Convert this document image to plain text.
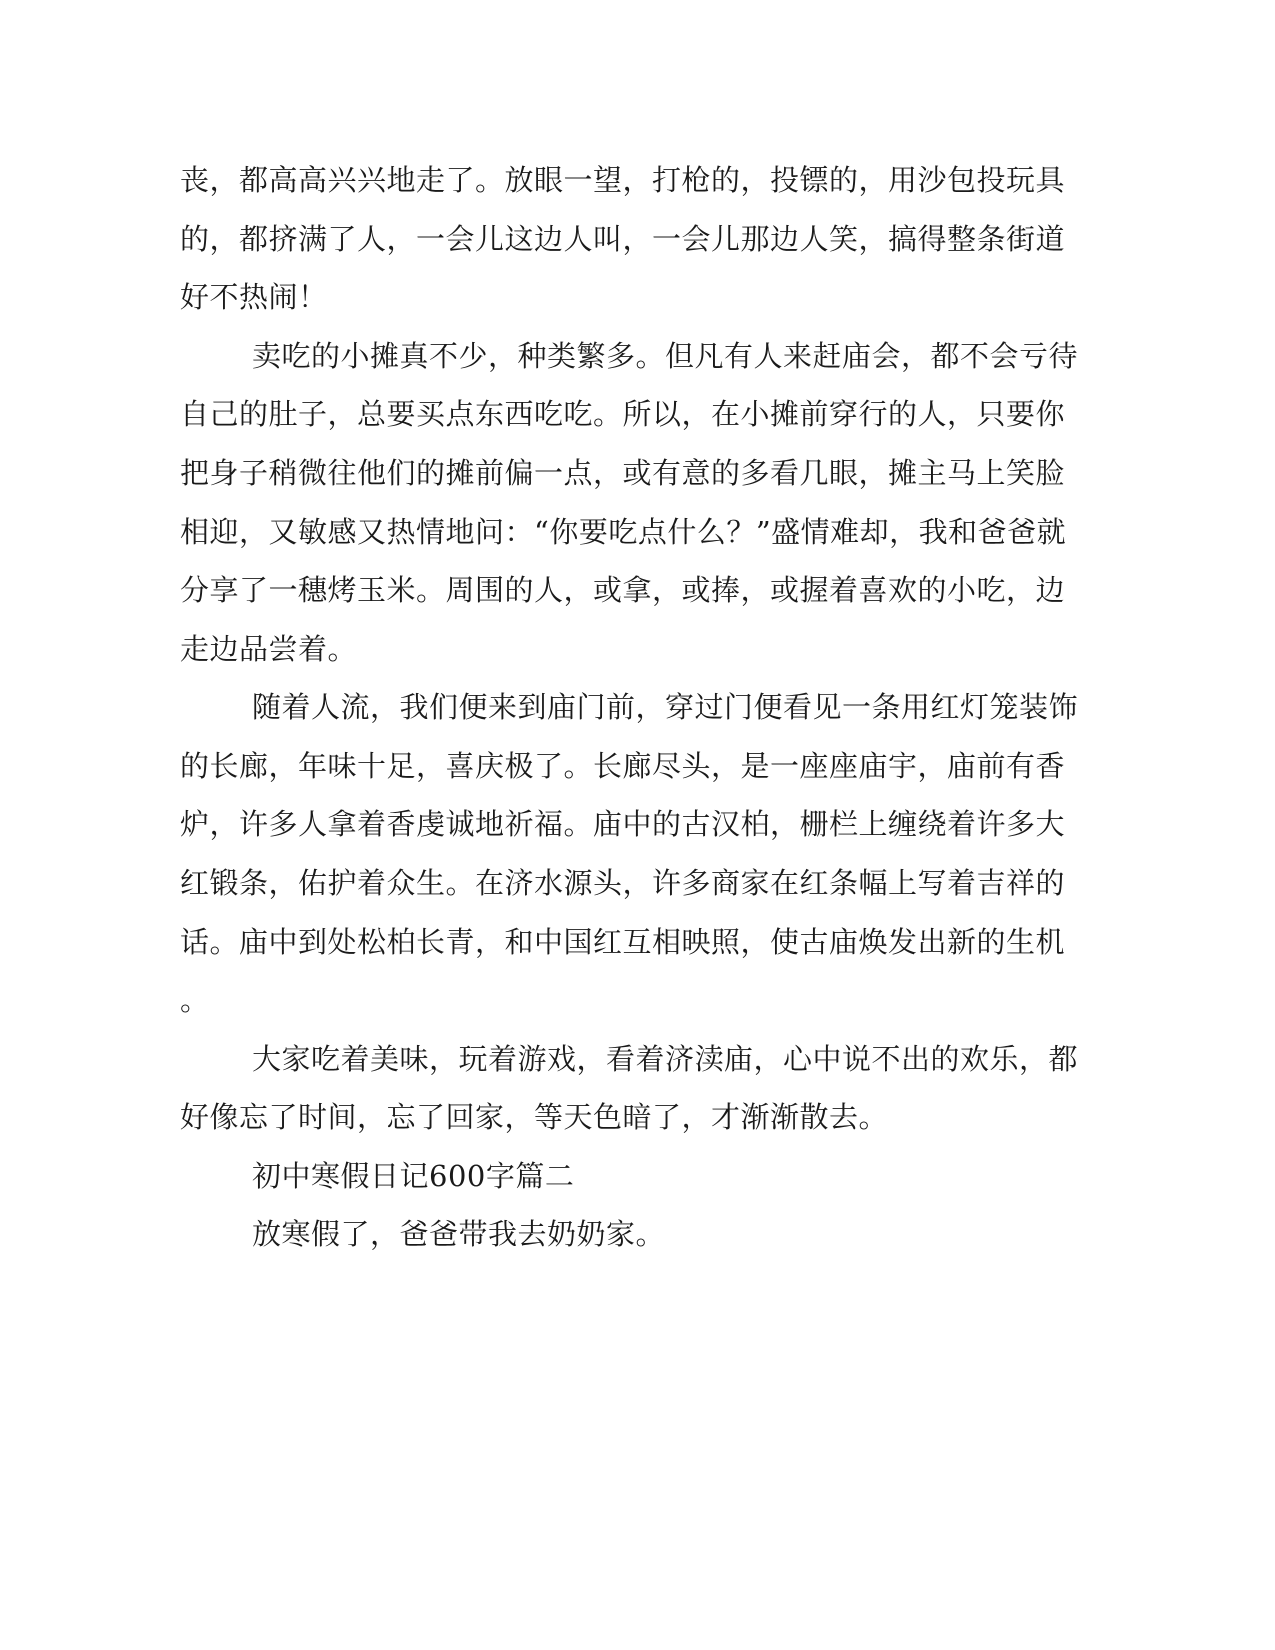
丧，都高高兴兴地走了。放眼一望，打枪的，投镖的，用沙包投玩具
的，都挤满了人，一会儿这边人叫，一会儿那边人笑，搞得整条街道
好不热闹！
卖吃的小摊真不少，种类繁多。但凡有人来赶庙会，都不会亏待
自己的肚子，总要买点东西吃吃。所以，在小摊前穿行的人，只要你
把身子稍微往他们的摊前偏一点，或有意的多看几眼，摊主马上笑脸
相迎，又敏感又热情地问：“你要吃点什么？”盛情难却，我和爸爸就
分享了一穗烤玉米。周围的人，或拿，或捧，或握着喜欢的小吃，边
走边品尝着。
随着人流，我们便来到庙门前，穿过门便看见一条用红灯笼装饰
的长廊，年味十足，喜庆极了。长廊尽头，是一座座庙宇，庙前有香
炉，许多人拿着香虔诚地祈福。庙中的古汉柏，栅栏上缠绕着许多大
红锻条，佑护着众生。在济水源头，许多商家在红条幅上写着吉祥的
话。庙中到处松柏长青，和中国红互相映照，使古庙焕发出新的生机
。
大家吃着美味，玩着游戏，看着济渎庙，心中说不出的欢乐，都
好像忘了时间，忘了回家，等天色暗了，才渐渐散去。
初中寒假日记600字篇二
放寒假了，爸爸带我去奶奶家。
